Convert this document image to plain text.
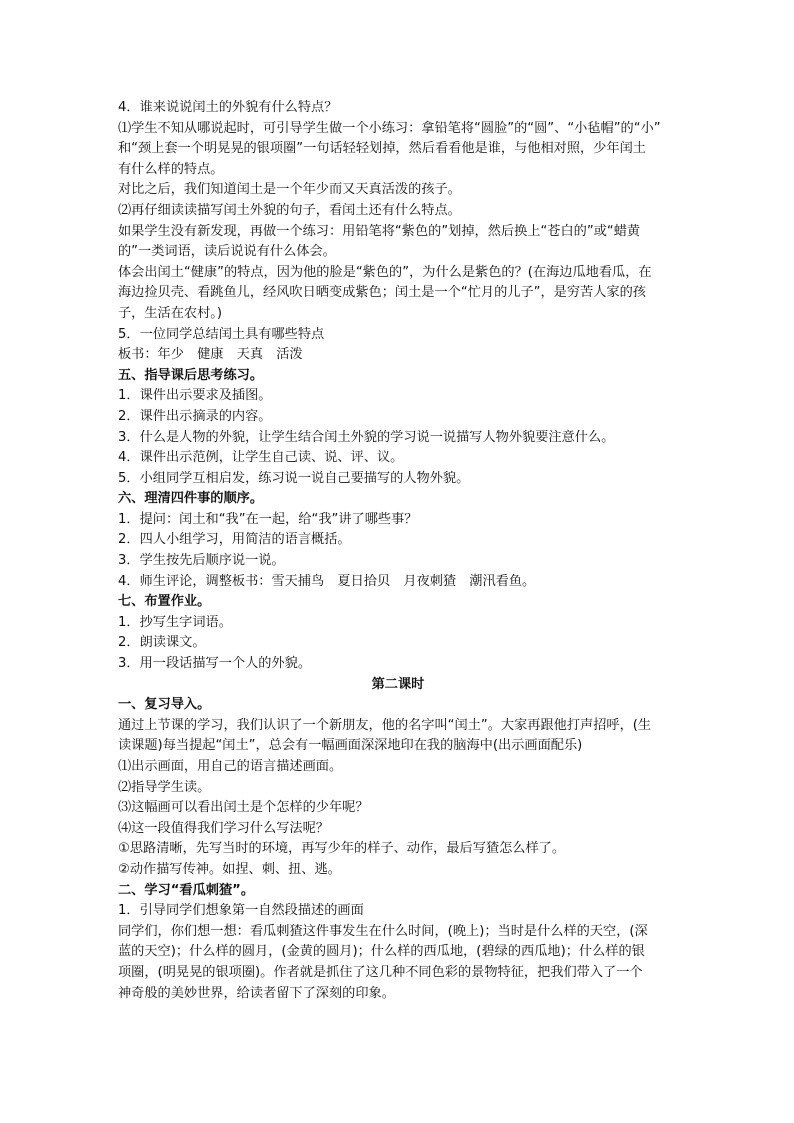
4．谁来说说闰土的外貌有什么特点？
⑴学生不知从哪说起时，可引导学生做一个小练习：拿铅笔将“圆脸”的“圆”、“小毡帽”的“小”
和“颈上套一个明晃晃的银项圈”一句话轻轻划掉，然后看看他是谁，与他相对照，少年闰土
有什么样的特点。
对比之后，我们知道闰土是一个年少而又天真活泼的孩子。
⑵再仔细读读描写闰土外貌的句子，看闰土还有什么特点。
如果学生没有新发现，再做一个练习：用铅笔将“紫色的”划掉，然后换上“苍白的”或“蜡黄
的”一类词语，读后说说有什么体会。
体会出闰土“健康”的特点，因为他的脸是“紫色的”，为什么是紫色的？(在海边瓜地看瓜，在
海边捡贝壳、看跳鱼儿，经风吹日晒变成紫色；闰土是一个“忙月的儿子”，是穷苦人家的孩
子，生活在农村。)
5．一位同学总结闰土具有哪些特点
板书：年少　健康　天真　活泼
五、指导课后思考练习。
1．课件出示要求及插图。
2．课件出示摘录的内容。
3．什么是人物的外貌，让学生结合闰土外貌的学习说一说描写人物外貌要注意什么。
4．课件出示范例，让学生自己读、说、评、议。
5．小组同学互相启发，练习说一说自己要描写的人物外貌。
六、理清四件事的顺序。
1．提问：闰土和“我”在一起，给“我”讲了哪些事？
2．四人小组学习，用简洁的语言概括。
3．学生按先后顺序说一说。
4．师生评论，调整板书：雪天捕鸟　夏日拾贝　月夜刺猹　潮汛看鱼。
七、布置作业。
1．抄写生字词语。
2．朗读课文。
3．用一段话描写一个人的外貌。
第二课时
一、复习导入。
通过上节课的学习，我们认识了一个新朋友，他的名字叫“闰土”。大家再跟他打声招呼，(生
读课题)每当提起“闰土”，总会有一幅画面深深地印在我的脑海中(出示画面配乐)
⑴出示画面，用自己的语言描述画面。
⑵指导学生读。
⑶这幅画可以看出闰土是个怎样的少年呢？
⑷这一段值得我们学习什么写法呢？
①思路清晰，先写当时的环境，再写少年的样子、动作，最后写猹怎么样了。
②动作描写传神。如捏、刺、扭、逃。
二、学习“看瓜刺猹”。
1．引导同学们想象第一自然段描述的画面
同学们，你们想一想：看瓜刺猹这件事发生在什么时间，(晚上)；当时是什么样的天空，(深
蓝的天空)；什么样的圆月，(金黄的圆月)；什么样的西瓜地，(碧绿的西瓜地)；什么样的银
项圈，(明晃晃的银项圈)。作者就是抓住了这几种不同色彩的景物特征，把我们带入了一个
神奇般的美妙世界，给读者留下了深刻的印象。
